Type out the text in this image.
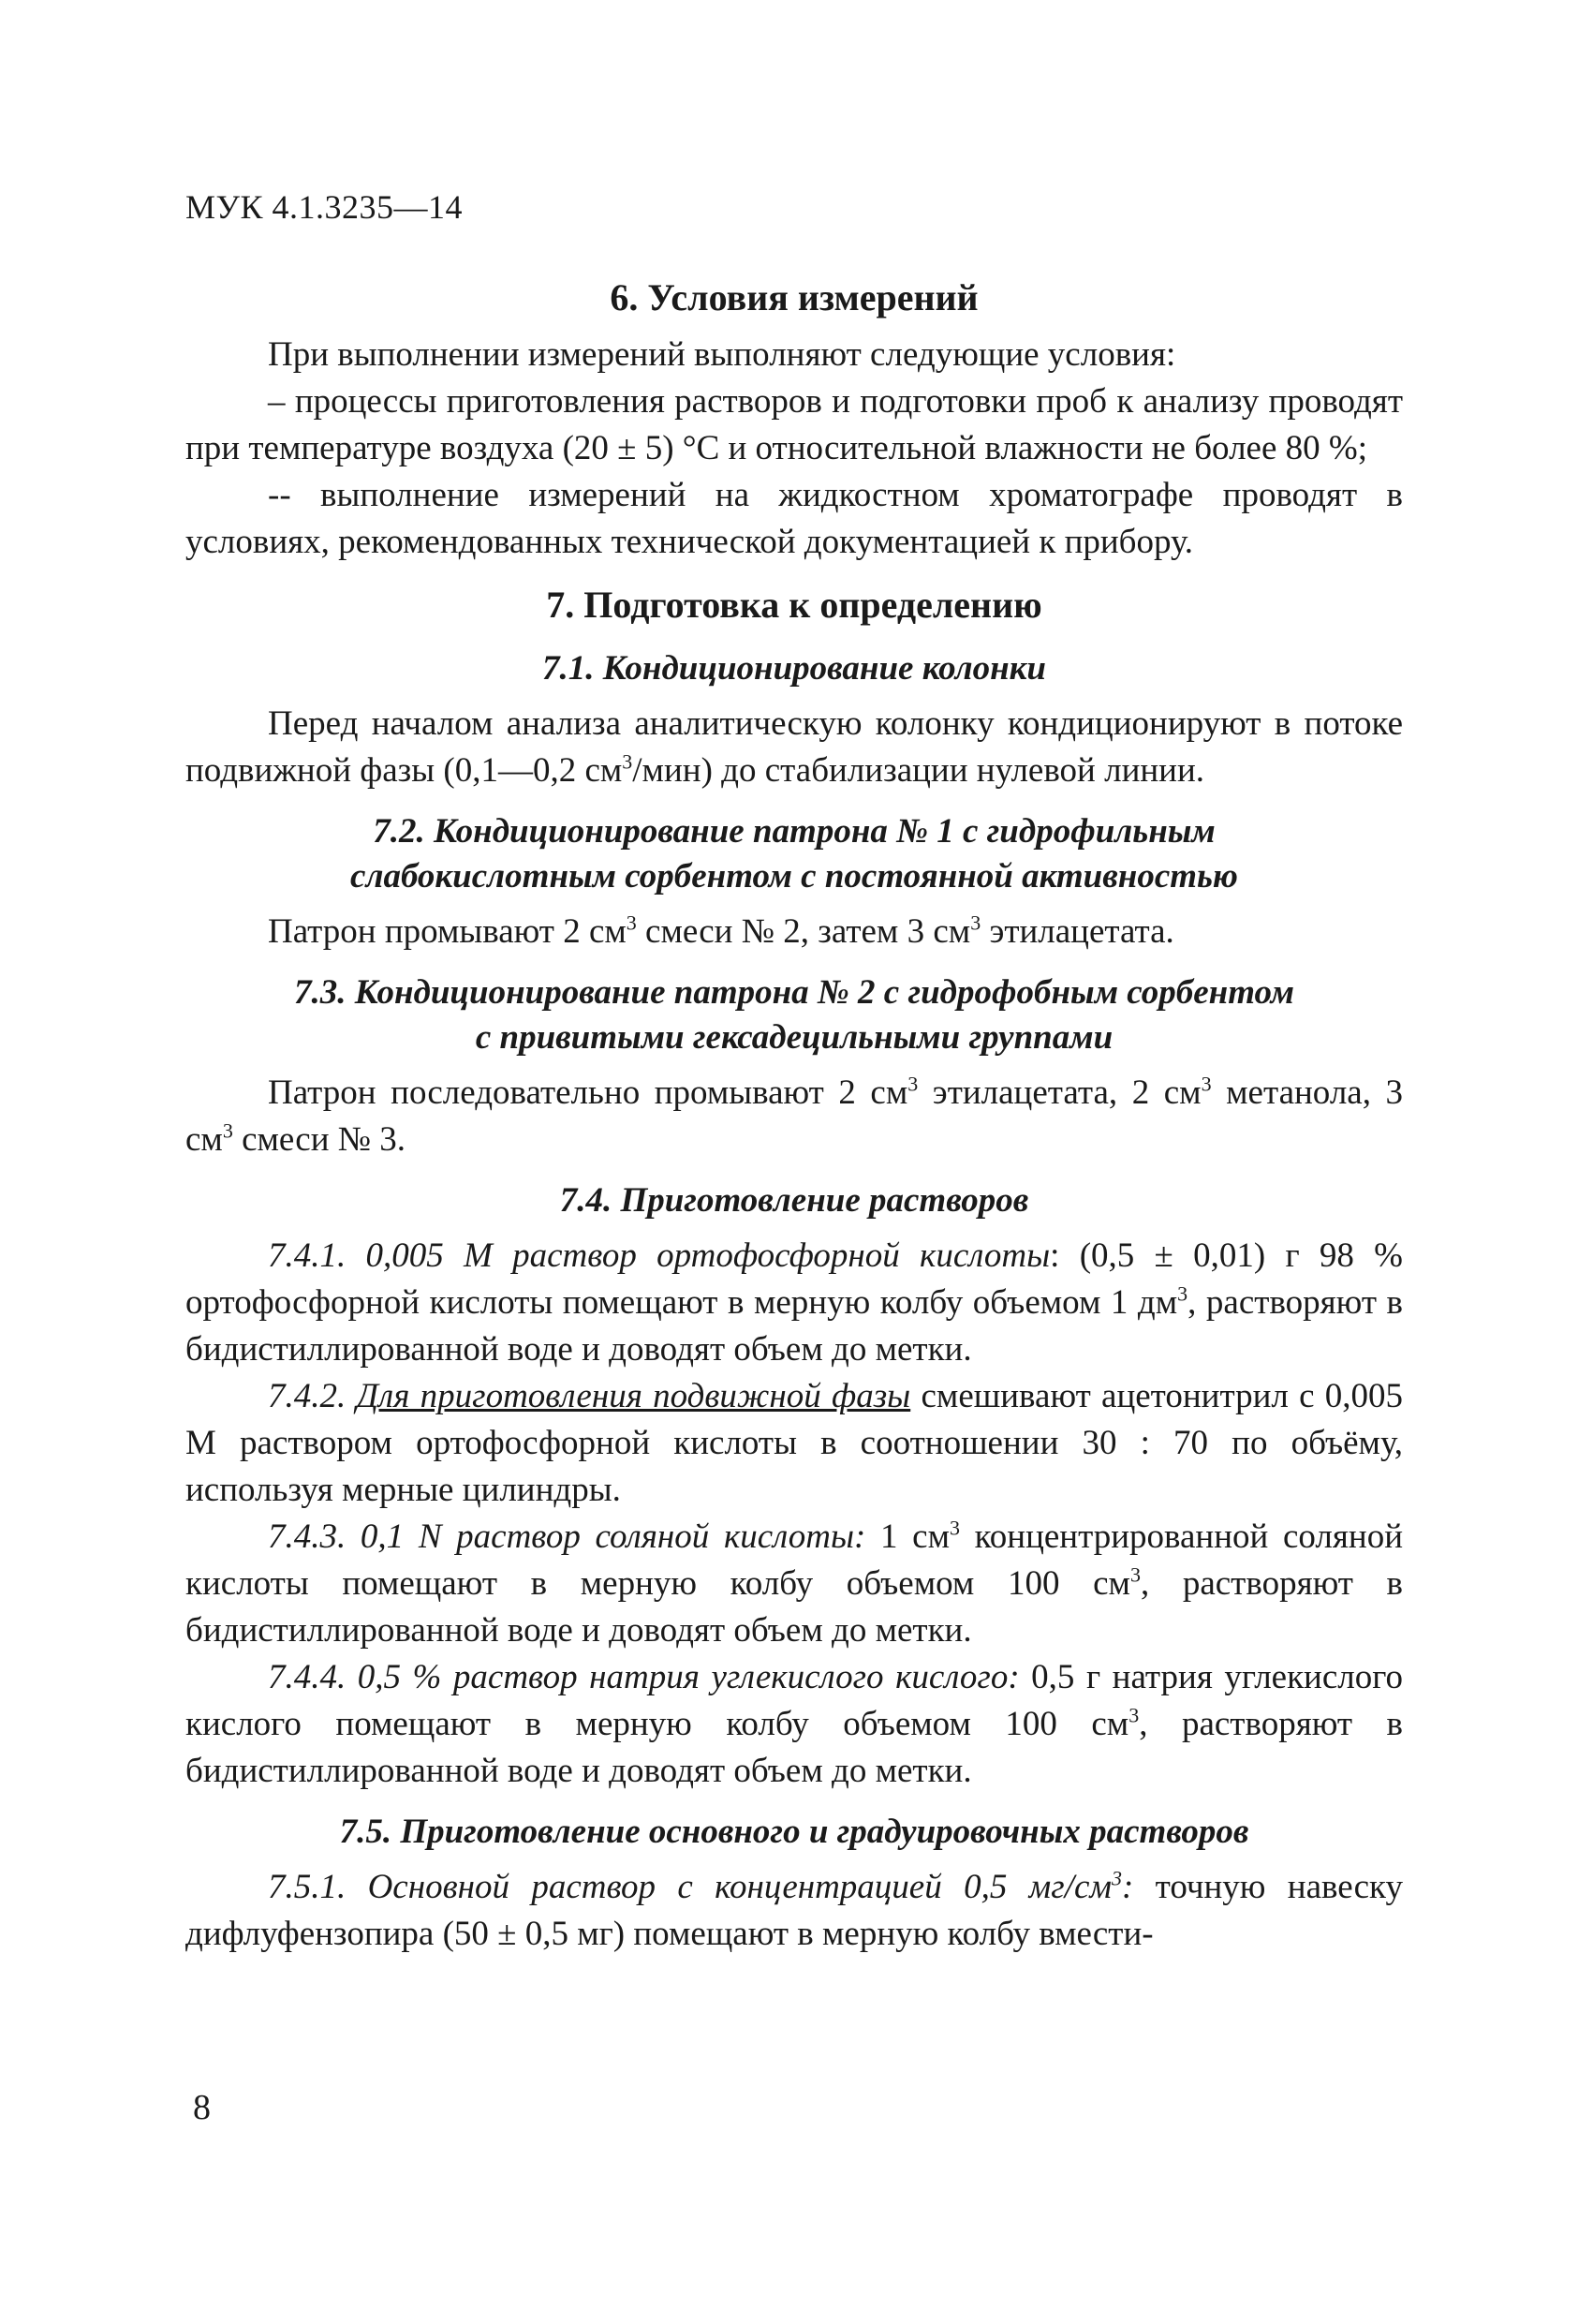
МУК 4.1.3235—14
6. Условия измерений

При выполнении измерений выполняют следующие условия:

– процессы приготовления растворов и подготовки проб к анализу проводят при температуре воздуха (20 ± 5) °С и относительной влажности не более 80 %;

-- выполнение измерений на жидкостном хроматографе проводят в условиях, рекомендованных технической документацией к прибору.

7. Подготовка к определению
7.1. Кондиционирование колонки

Перед началом анализа аналитическую колонку кондиционируют в потоке подвижной фазы (0,1—0,2 $см^3/мин$) до стабилизации нулевой линии.

7.2. Кондиционирование патрона № 1 с гидрофильным
слабокислотным сорбентом с постоянной активностью

Патрон промывают 2 $см^3$ смеси № 2, затем 3 $см^3$ этилацетата.

7.3. Кондиционирование патрона № 2 с гидрофобным сорбентом
с привитыми гексадецильными группами

Патрон последовательно промывают 2 $см^3$ этилацетата, 2 $см^3$ метанола, 3 $см^3$ смеси № 3.

7.4. Приготовление растворов

7.4.1. 0,005 М раствор ортофосфорной кислоты: (0,5 ± 0,01) г 98 % ортофосфорной кислоты помещают в мерную колбу объемом 1 $дм^3$, растворяют в бидистиллированной воде и доводят объем до метки.

7.4.2. Для приготовления подвижной фазы смешивают ацетонитрил с 0,005 М раствором ортофосфорной кислоты в соотношении 30 : 70 по объёму, используя мерные цилиндры.

7.4.3. 0,1 N раствор соляной кислоты: 1 $см^3$ концентрированной соляной кислоты помещают в мерную колбу объемом 100 $см^3$, растворяют в бидистиллированной воде и доводят объем до метки.

7.4.4. 0,5 % раствор натрия углекислого кислого: 0,5 г натрия углекислого кислого помещают в мерную колбу объемом 100 $см^3$, растворяют в бидистиллированной воде и доводят объем до метки.

7.5. Приготовление основного и градуировочных растворов

7.5.1. Основной раствор с концентрацией 0,5 $мг/см^3$: точную навеску дифлуфензопира (50 ± 0,5 мг) помещают в мерную колбу вмести-

8
